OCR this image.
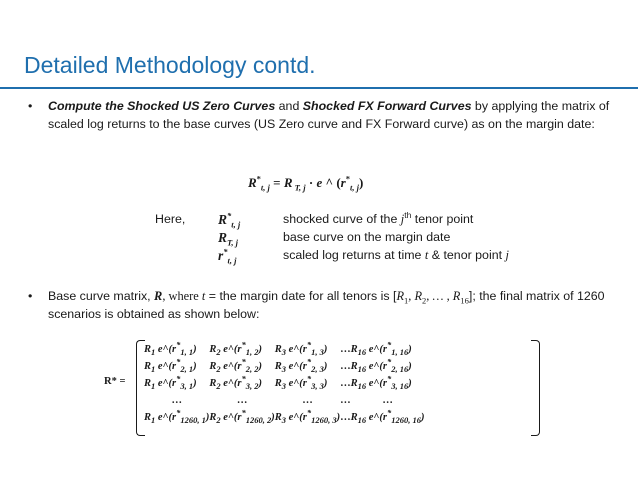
Detailed Methodology contd.
• Compute the Shocked US Zero Curves and Shocked FX Forward Curves by applying the matrix of scaled log returns to the base curves (US Zero curve and FX Forward curve) as on the margin date:
$R^*_{t, j} = R$ $_{T, j}$ · e ^ $(r^*_{t, j})$
Here, $R^*_{t, j}$	shocked curve of the $j^{th}$ tenor point
$R_{T, j}$	base curve on the margin date
$r^*_{t, j}$	scaled log returns at time t & tenor point j
• Base curve matrix, R, where t = the margin date for all tenors is [$R_1$, $R_2$, … , $R_{16}$]; the final matrix of 1260 scenarios is obtained as shown below:
R* =
$R_1$ $e\^{}(r^*_{1, 1})$	$R_2$ $e\^{}(r^*_{1, 2})$	$R_3$ $e\^{}(r^*_{1, 3})$	…	$R_{16}$ $e\^{}(r^*_{1, 16})$
$R_1$ $e\^{}(r^*_{2, 1})$	$R_2$ $e\^{}(r^*_{2, 2})$	$R_3$ $e\^{}(r^*_{2, 3})$	…	$R_{16}$ $e\^{}(r^*_{2, 16})$
$R_1$ $e\^{}(r^*_{3, 1})$	$R_2$ $e\^{}(r^*_{3, 2})$	$R_3$ $e\^{}(r^*_{3, 3})$	…	$R_{16}$ $e\^{}(r^*_{3, 16})$
…	…	…	…	…
$R_1$ $e\^{}(r^*_{1260, 1})$	$R_2$ $e\^{}(r^*_{1260, 2})$	$R_3$ $e\^{}(r^*_{1260, 3})$	…	$R_{16}$ $e\^{}(r^*_{1260, 16})$
